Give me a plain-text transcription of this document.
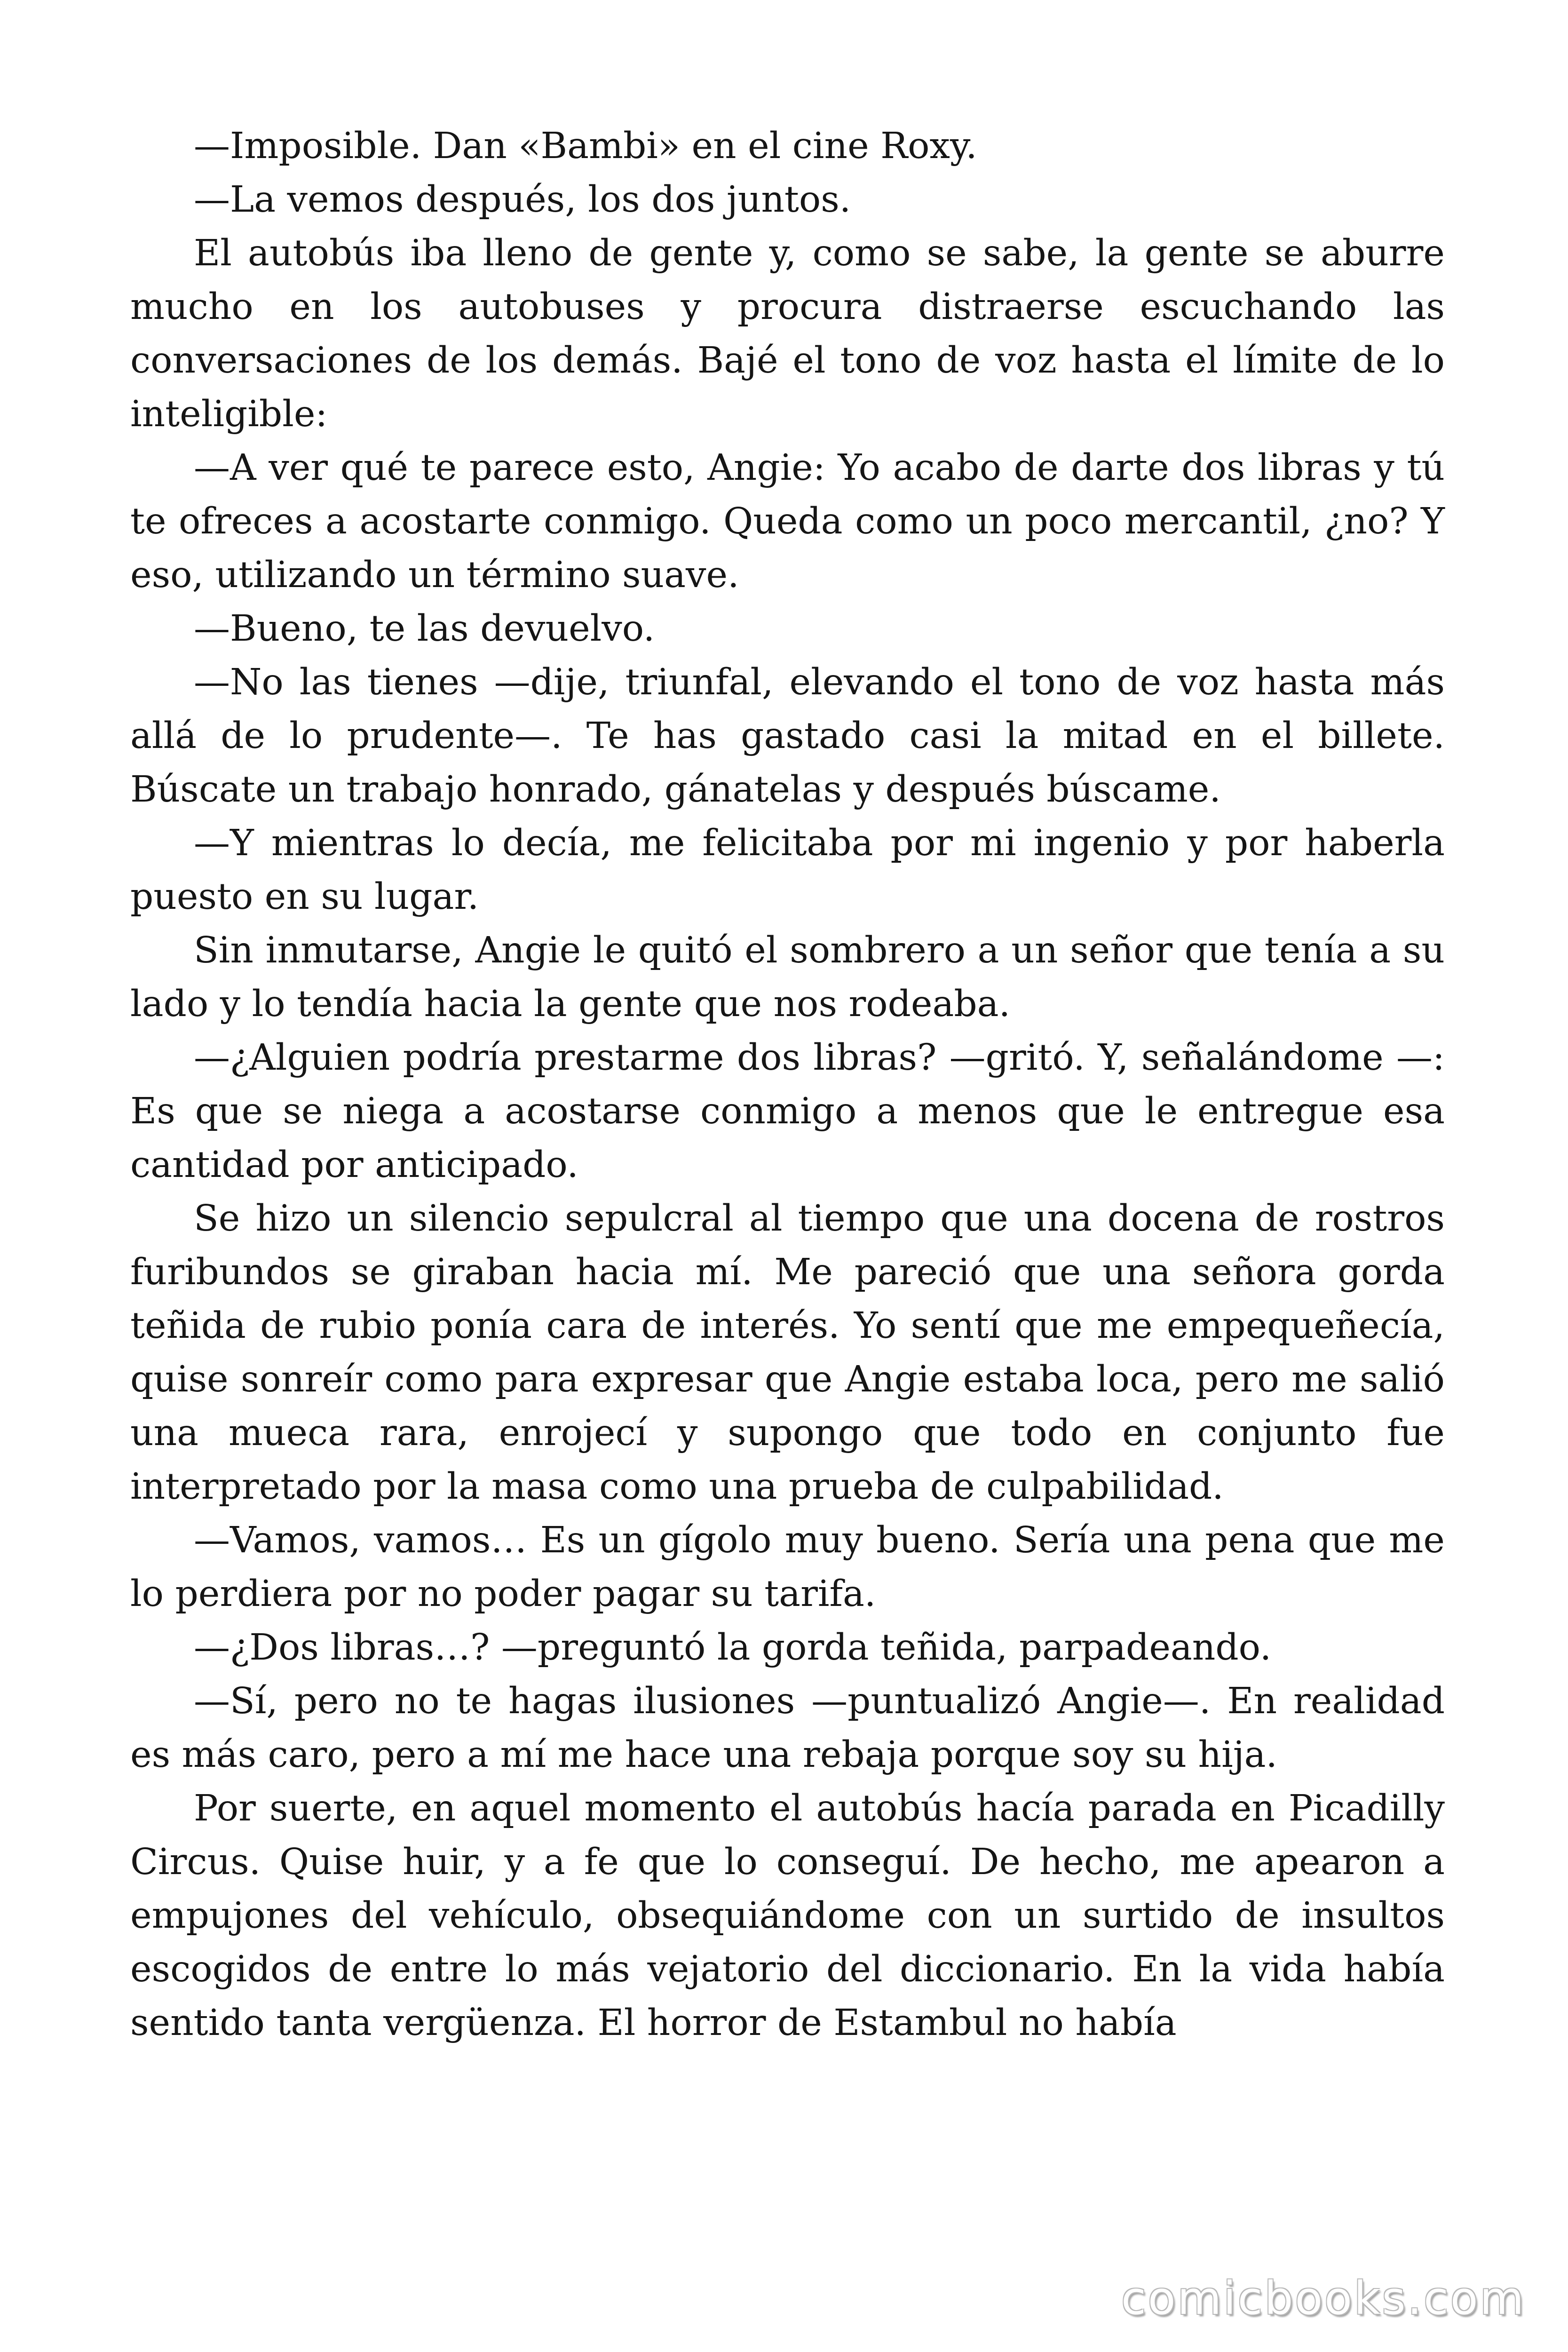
—Imposible. Dan «Bambi» en el cine Roxy.

—La vemos después, los dos juntos.

El autobús iba lleno de gente y, como se sabe, la gente se aburre mucho en los autobuses y procura distraerse escuchando las conversaciones de los demás. Bajé el tono de voz hasta el límite de lo inteligible:

—A ver qué te parece esto, Angie: Yo acabo de darte dos libras y tú te ofreces a acostarte conmigo. Queda como un poco mercantil, ¿no? Y eso, utilizando un término suave.

—Bueno, te las devuelvo.

—No las tienes —dije, triunfal, elevando el tono de voz hasta más allá de lo prudente—. Te has gastado casi la mitad en el billete. Búscate un trabajo honrado, gánatelas y después búscame.

—Y mientras lo decía, me felicitaba por mi ingenio y por haberla puesto en su lugar.

Sin inmutarse, Angie le quitó el sombrero a un señor que tenía a su lado y lo tendía hacia la gente que nos rodeaba.

—¿Alguien podría prestarme dos libras? —gritó. Y, señalándome —: Es que se niega a acostarse conmigo a menos que le entregue esa cantidad por anticipado.

Se hizo un silencio sepulcral al tiempo que una docena de rostros furibundos se giraban hacia mí. Me pareció que una señora gorda teñida de rubio ponía cara de interés. Yo sentí que me empequeñecía, quise sonreír como para expresar que Angie estaba loca, pero me salió una mueca rara, enrojecí y supongo que todo en conjunto fue interpretado por la masa como una prueba de culpabilidad.

—Vamos, vamos… Es un gígolo muy bueno. Sería una pena que me lo perdiera por no poder pagar su tarifa.

—¿Dos libras…? —preguntó la gorda teñida, parpadeando.

—Sí, pero no te hagas ilusiones —puntualizó Angie—. En realidad es más caro, pero a mí me hace una rebaja porque soy su hija.

Por suerte, en aquel momento el autobús hacía parada en Picadilly Circus. Quise huir, y a fe que lo conseguí. De hecho, me apearon a empujones del vehículo, obsequiándome con un surtido de insultos escogidos de entre lo más vejatorio del diccionario. En la vida había sentido tanta vergüenza. El horror de Estambul no había

comicbooks.com
